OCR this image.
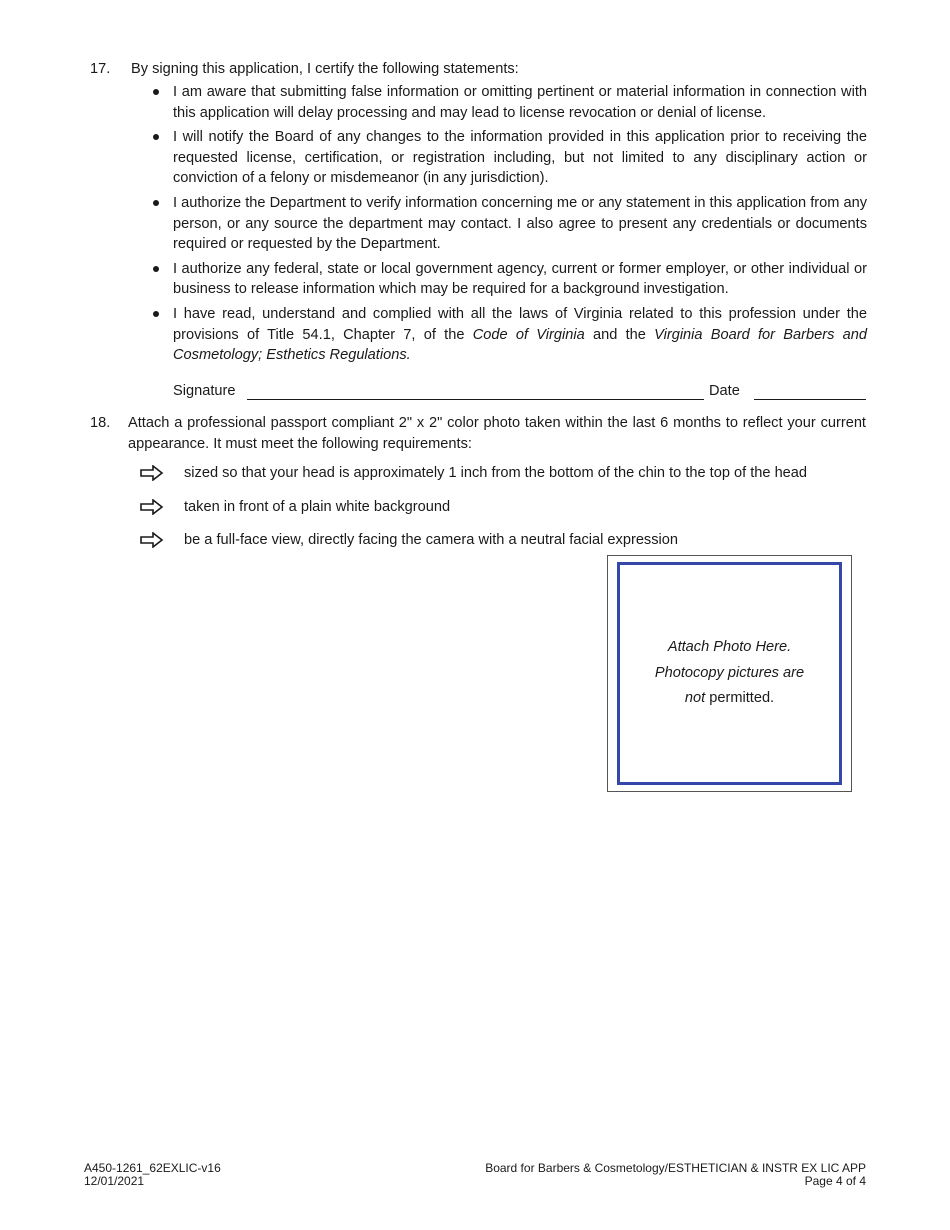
17. By signing this application, I certify the following statements:
I am aware that submitting false information or omitting pertinent or material information in connection with this application will delay processing and may lead to license revocation or denial of license.
I will notify the Board of any changes to the information provided in this application prior to receiving the requested license, certification, or registration including, but not limited to any disciplinary action or conviction of a felony or misdemeanor (in any jurisdiction).
I authorize the Department to verify information concerning me or any statement in this application from any person, or any source the department may contact. I also agree to present any credentials or documents required or requested by the Department.
I authorize any federal, state or local government agency, current or former employer, or other individual or business to release information which may be required for a background investigation.
I have read, understand and complied with all the laws of Virginia related to this profession under the provisions of Title 54.1, Chapter 7, of the Code of Virginia and the Virginia Board for Barbers and Cosmetology; Esthetics Regulations.
Signature	Date
18. Attach a professional passport compliant 2" x 2" color photo taken within the last 6 months to reflect your current appearance. It must meet the following requirements:
sized so that your head is approximately 1 inch from the bottom of the chin to the top of the head
taken in front of a plain white background
be a full-face view, directly facing the camera with a neutral facial expression
Attach Photo Here.
Photocopy pictures are
not permitted.
A450-1261_62EXLIC-v16
12/01/2021
Board for Barbers & Cosmetology/ESTHETICIAN & INSTR EX LIC APP
Page 4 of 4
